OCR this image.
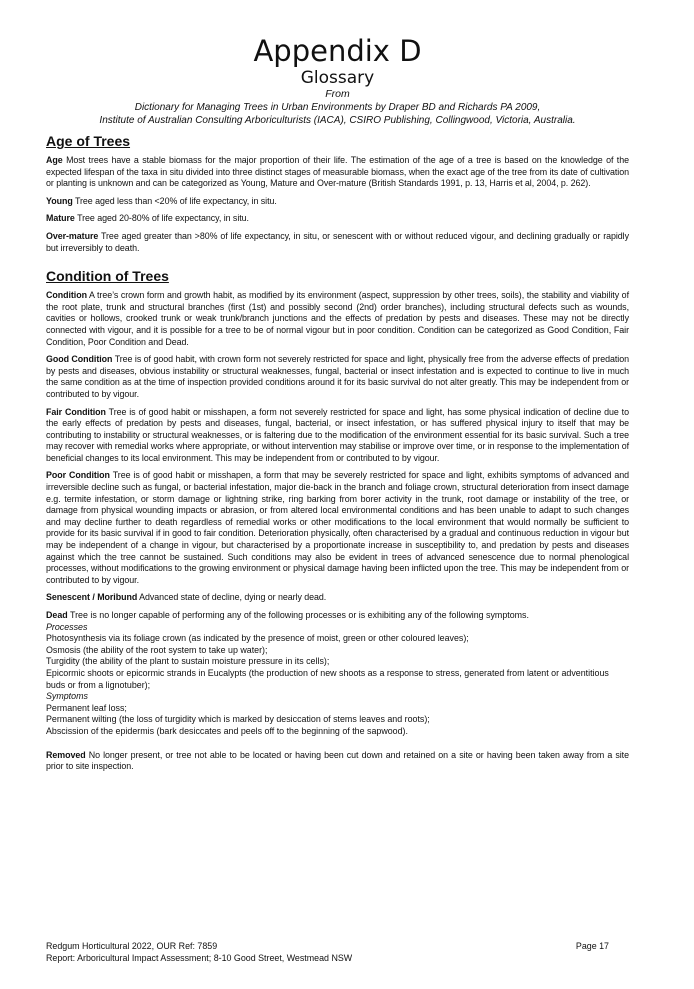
Appendix D
Glossary
From
Dictionary for Managing Trees in Urban Environments by Draper BD and Richards PA 2009,
Institute of Australian Consulting Arboriculturists (IACA), CSIRO Publishing, Collingwood, Victoria, Australia.
Age of Trees

Age Most trees have a stable biomass for the major proportion of their life. The estimation of the age of a tree is based on the knowledge of the expected lifespan of the taxa in situ divided into three distinct stages of measurable biomass, when the exact age of the tree from its date of cultivation or planting is unknown and can be categorized as Young, Mature and Over-mature (British Standards 1991, p. 13, Harris et al, 2004, p. 262).

Young Tree aged less than <20% of life expectancy, in situ.

Mature Tree aged 20-80% of life expectancy, in situ.

Over-mature Tree aged greater than >80% of life expectancy, in situ, or senescent with or without reduced vigour, and declining gradually or rapidly but irreversibly to death.

Condition of Trees

Condition A tree’s crown form and growth habit, as modified by its environment (aspect, suppression by other trees, soils), the stability and viability of the root plate, trunk and structural branches (first (1st) and possibly second (2nd) order branches), including structural defects such as wounds, cavities or hollows, crooked trunk or weak trunk/branch junctions and the effects of predation by pests and diseases. These may not be directly connected with vigour, and it is possible for a tree to be of normal vigour but in poor condition. Condition can be categorized as Good Condition, Fair Condition, Poor Condition and Dead.

Good Condition Tree is of good habit, with crown form not severely restricted for space and light, physically free from the adverse effects of predation by pests and diseases, obvious instability or structural weaknesses, fungal, bacterial or insect infestation and is expected to continue to live in much the same condition as at the time of inspection provided conditions around it for its basic survival do not alter greatly. This may be independent from or contributed to by vigour.

Fair Condition Tree is of good habit or misshapen, a form not severely restricted for space and light, has some physical indication of decline due to the early effects of predation by pests and diseases, fungal, bacterial, or insect infestation, or has suffered physical injury to itself that may be contributing to instability or structural weaknesses, or is faltering due to the modification of the environment essential for its basic survival. Such a tree may recover with remedial works where appropriate, or without intervention may stabilise or improve over time, or in response to the implementation of beneficial changes to its local environment. This may be independent from or contributed to by vigour.

Poor Condition Tree is of good habit or misshapen, a form that may be severely restricted for space and light, exhibits symptoms of advanced and irreversible decline such as fungal, or bacterial infestation, major die-back in the branch and foliage crown, structural deterioration from insect damage e.g. termite infestation, or storm damage or lightning strike, ring barking from borer activity in the trunk, root damage or instability of the tree, or damage from physical wounding impacts or abrasion, or from altered local environmental conditions and has been unable to adapt to such changes and may decline further to death regardless of remedial works or other modifications to the local environment that would normally be sufficient to provide for its basic survival if in good to fair condition. Deterioration physically, often characterised by a gradual and continuous reduction in vigour but may be independent of a change in vigour, but characterised by a proportionate increase in susceptibility to, and predation by pests and diseases against which the tree cannot be sustained. Such conditions may also be evident in trees of advanced senescence due to normal phenological processes, without modifications to the growing environment or physical damage having been inflicted upon the tree. This may be independent from or contributed to by vigour.

Senescent / Moribund Advanced state of decline, dying or nearly dead.

Dead Tree is no longer capable of performing any of the following processes or is exhibiting any of the following symptoms.
Processes
Photosynthesis via its foliage crown (as indicated by the presence of moist, green or other coloured leaves);
Osmosis (the ability of the root system to take up water);
Turgidity (the ability of the plant to sustain moisture pressure in its cells);
Epicormic shoots or epicormic strands in Eucalypts (the production of new shoots as a response to stress, generated from latent or adventitious buds or from a lignotuber);
Symptoms
Permanent leaf loss;
Permanent wilting (the loss of turgidity which is marked by desiccation of stems leaves and roots);
Abscission of the epidermis (bark desiccates and peels off to the beginning of the sapwood).

Removed No longer present, or tree not able to be located or having been cut down and retained on a site or having been taken away from a site prior to site inspection.

Redgum Horticultural 2022, OUR Ref: 7859	Page 17
Report: Arboricultural Impact Assessment; 8-10 Good Street, Westmead NSW
